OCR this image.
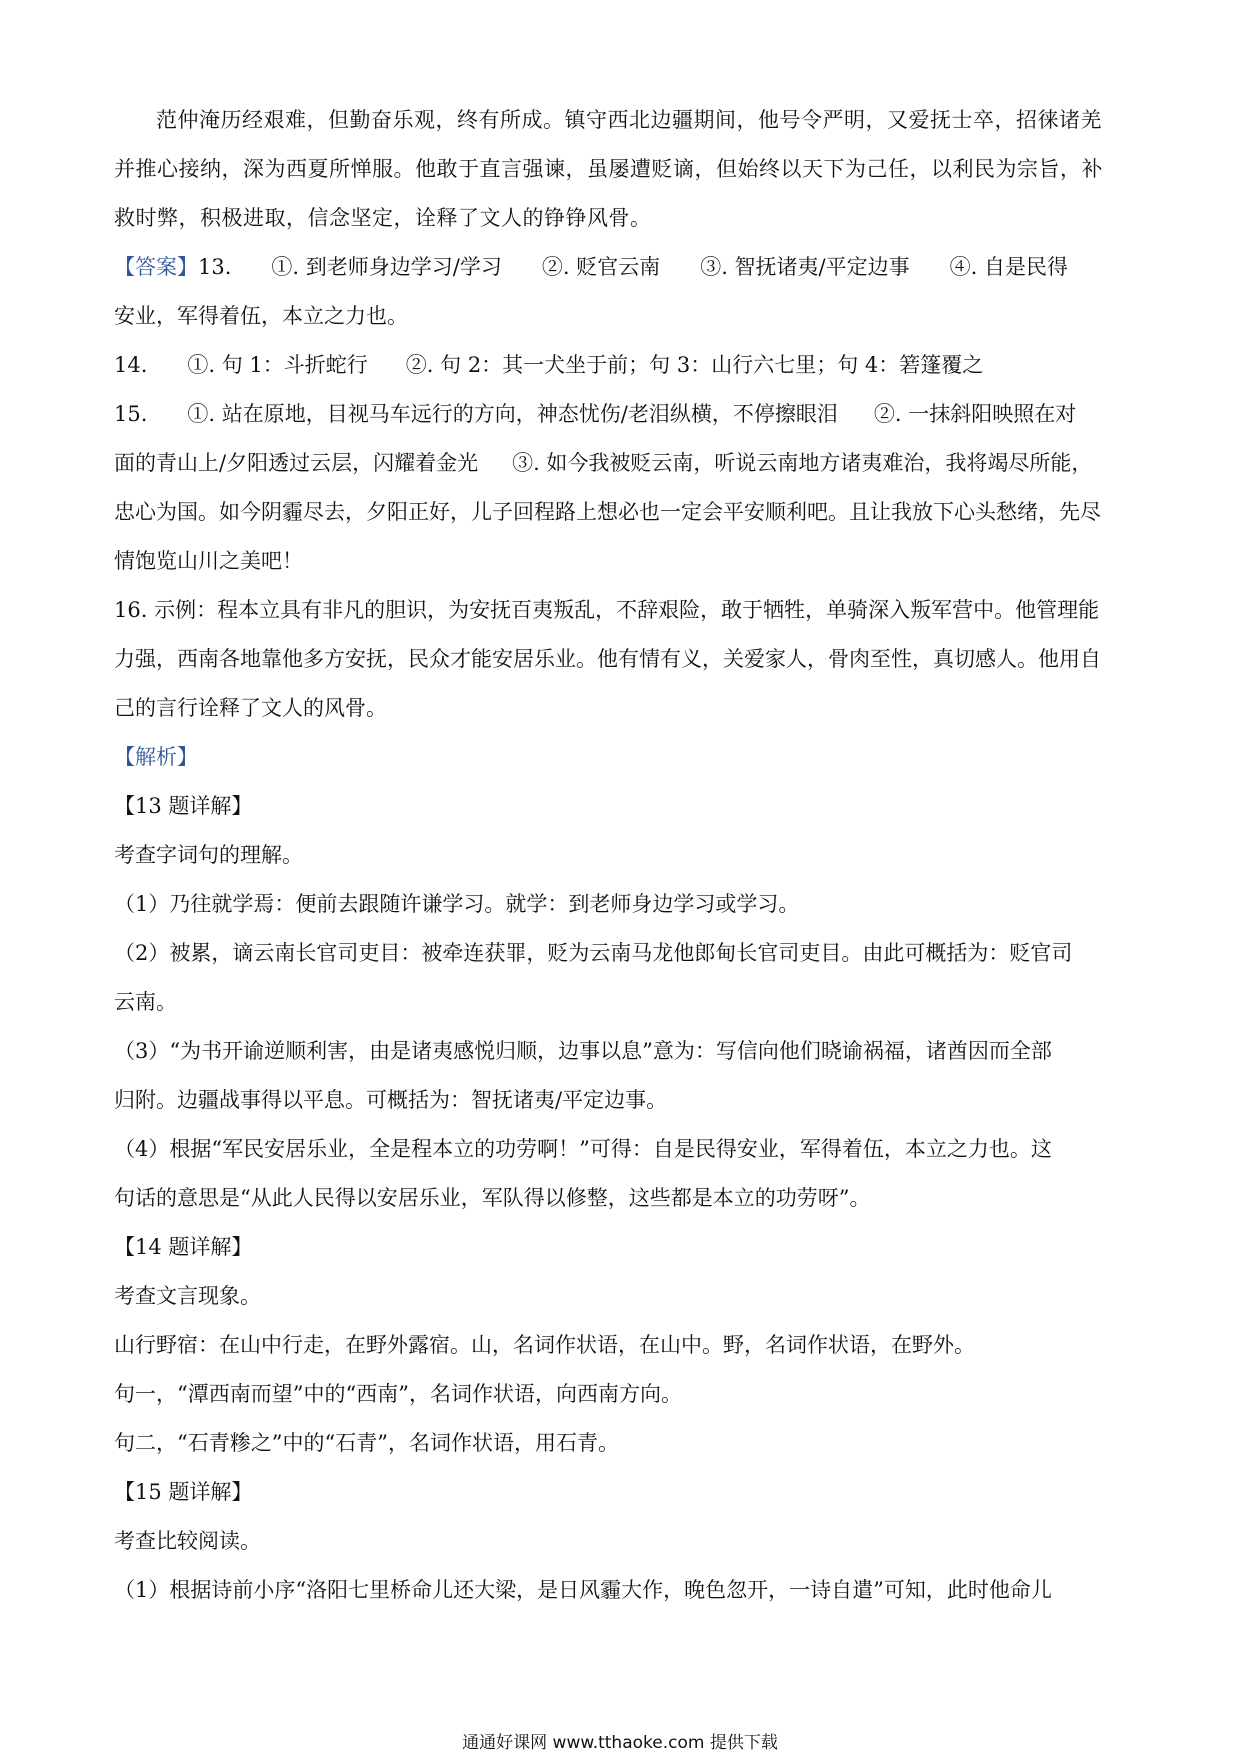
范仲淹历经艰难，但勤奋乐观，终有所成。镇守西北边疆期间，他号令严明，又爱抚士卒，招徕诸羌

并推心接纳，深为西夏所惮服。他敢于直言强谏，虽屡遭贬谪，但始终以天下为己任，以利民为宗旨，补

救时弊，积极进取，信念坚定，诠释了文人的铮铮风骨。

【答案】13. ①. 到老师身边学习/学习 ②. 贬官云南 ③. 智抚诸夷/平定边事 ④. 自是民得

安业，军得着伍，本立之力也。

14. ①. 句 1：斗折蛇行 ②. 句 2：其一犬坐于前；句 3：山行六七里；句 4：箬篷覆之

15. ①. 站在原地，目视马车远行的方向，神态忧伤/老泪纵横，不停擦眼泪 ②. 一抹斜阳映照在对

面的青山上/夕阳透过云层，闪耀着金光 ③. 如今我被贬云南，听说云南地方诸夷难治，我将竭尽所能，

忠心为国。如今阴霾尽去，夕阳正好，儿子回程路上想必也一定会平安顺利吧。且让我放下心头愁绪，先尽

情饱览山川之美吧！

16. 示例：程本立具有非凡的胆识，为安抚百夷叛乱，不辞艰险，敢于牺牲，单骑深入叛军营中。他管理能

力强，西南各地靠他多方安抚，民众才能安居乐业。他有情有义，关爱家人，骨肉至性，真切感人。他用自

己的言行诠释了文人的风骨。

【解析】

【13 题详解】

考查字词句的理解。

（1）乃往就学焉：便前去跟随许谦学习。就学：到老师身边学习或学习。

（2）被累，谪云南长官司吏目：被牵连获罪，贬为云南马龙他郎甸长官司吏目。由此可概括为：贬官司

云南。

（3）“为书开谕逆顺利害，由是诸夷感悦归顺，边事以息”意为：写信向他们晓谕祸福，诸酋因而全部

归附。边疆战事得以平息。可概括为：智抚诸夷/平定边事。

（4）根据“军民安居乐业，全是程本立的功劳啊！”可得：自是民得安业，军得着伍，本立之力也。这

句话的意思是“从此人民得以安居乐业，军队得以修整，这些都是本立的功劳呀”。

【14 题详解】

考查文言现象。

山行野宿：在山中行走，在野外露宿。山，名词作状语，在山中。野，名词作状语，在野外。

句一，“潭西南而望”中的“西南”，名词作状语，向西南方向。

句二，“石青糁之”中的“石青”，名词作状语，用石青。

【15 题详解】

考查比较阅读。

（1）根据诗前小序“洛阳七里桥命儿还大梁，是日风霾大作，晚色忽开，一诗自遣”可知，此时他命儿

通通好课网 www.tthaoke.com 提供下载
